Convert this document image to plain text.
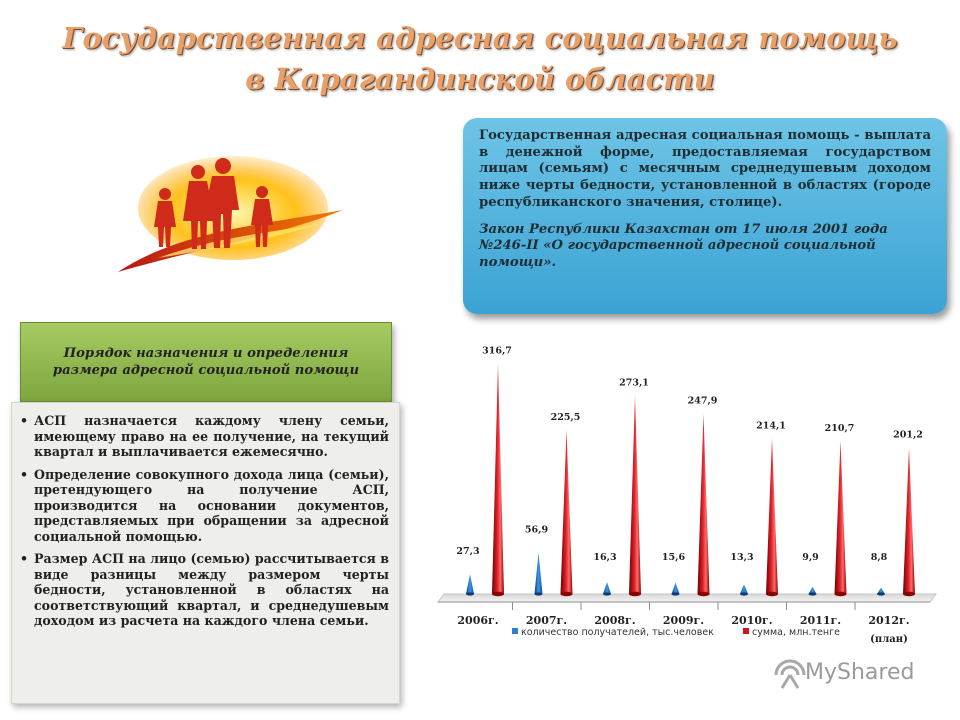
Государственная адресная социальная помощь
в Карагандинской области

Государственная адресная социальная помощь - выплата в денежной форме, предоставляемая государством лицам (семьям) с месячным среднедушевым доходом ниже черты бедности, установленной в областях (городе республиканского значения, столице).

Закон Республики Казахстан от 17 июля 2001 года №246-II «О государственной адресной социальной помощи».

Порядок назначения и определения размера адресной социальной помощи
• АСП назначается каждому члену семьи, имеющему право на ее получение, на текущий квартал и выплачивается ежемесячно.
• Определение совокупного дохода лица (семьи), претендующего на получение АСП, производится на основании документов, представляемых при обращении за адресной социальной помощью.
• Размер АСП на лицо (семью) рассчитывается в виде разницы между размером черты бедности, установленной в областях на соответствующий квартал, и среднедушевым доходом из расчета на каждого члена семьи.
27,3
316,7
2006г.
56,9
225,5
2007г.
16,3
273,1
2008г.
15,6
247,9
2009г.
13,3
214,1
2010г.
9,9
210,7
2011г.
8,8
201,2
2012г.
(план)
количество получателей, тыс.человек	сумма, млн.тенге
MyShared
